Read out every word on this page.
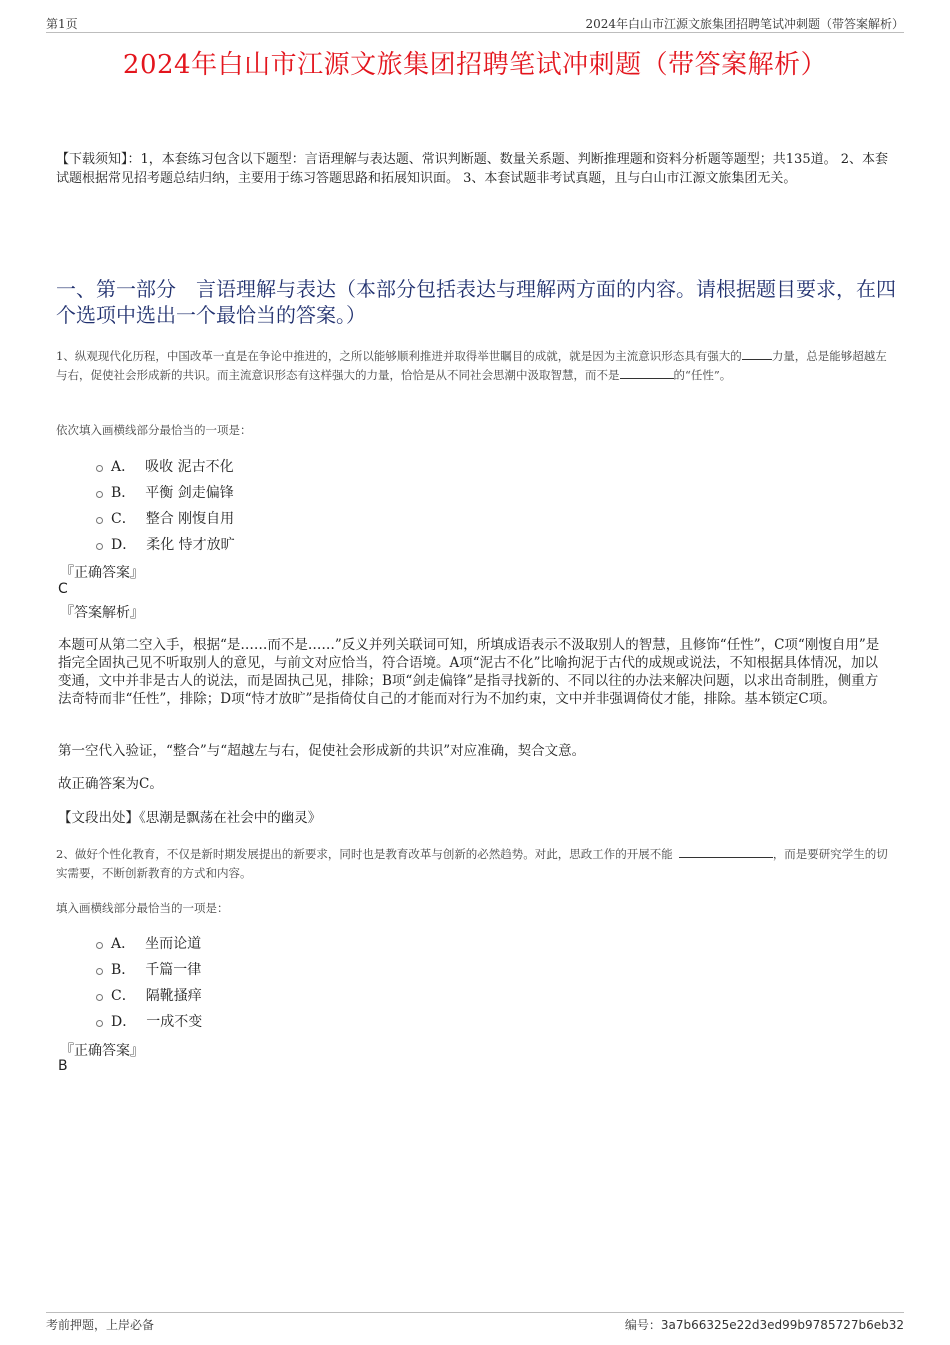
第1页	2024年白山市江源文旅集团招聘笔试冲刺题（带答案解析）
2024年白山市江源文旅集团招聘笔试冲刺题（带答案解析）
【下载须知】：1，本套练习包含以下题型：言语理解与表达题、常识判断题、数量关系题、判断推理题和资料分析题等题型；共135道。 2、本套试题根据常见招考题总结归纳，主要用于练习答题思路和拓展知识面。 3、本套试题非考试真题，且与白山市江源文旅集团无关。
一、第一部分　言语理解与表达（本部分包括表达与理解两方面的内容。请根据题目要求，在四个选项中选出一个最恰当的答案。）
1、纵观现代化历程，中国改革一直是在争论中推进的，之所以能够顺利推进并取得举世瞩目的成就，就是因为主流意识形态具有强大的	力量，总是能够超越左与右，促使社会形成新的共识。而主流意识形态有这样强大的力量，恰恰是从不同社会思潮中汲取智慧，而不是	的“任性”。
依次填入画横线部分最恰当的一项是：
A． 吸收 泥古不化
B． 平衡 剑走偏锋
C． 整合 刚愎自用
D． 柔化 恃才放旷
『正确答案』
C
『答案解析』
本题可从第二空入手，根据“是……而不是……”反义并列关联词可知，所填成语表示不汲取别人的智慧，且修饰“任性”，C项“刚愎自用”是指完全固执己见不听取别人的意见，与前文对应恰当，符合语境。A项“泥古不化”比喻拘泥于古代的成规或说法，不知根据具体情况，加以变通，文中并非是古人的说法，而是固执己见，排除；B项“剑走偏锋”是指寻找新的、不同以往的办法来解决问题，以求出奇制胜，侧重方法奇特而非“任性”，排除；D项“恃才放旷”是指倚仗自己的才能而对行为不加约束，文中并非强调倚仗才能，排除。基本锁定C项。
第一空代入验证，“整合”与“超越左与右，促使社会形成新的共识”对应准确，契合文意。
故正确答案为C。
【文段出处】《思潮是飘荡在社会中的幽灵》
2、做好个性化教育，不仅是新时期发展提出的新要求，同时也是教育改革与创新的必然趋势。对此，思政工作的开展不能	，而是要研究学生的切实需要，不断创新教育的方式和内容。
填入画横线部分最恰当的一项是：
A． 坐而论道
B． 千篇一律
C． 隔靴搔痒
D． 一成不变
『正确答案』
B
考前押题，上岸必备	编号：3a7b66325e22d3ed99b9785727b6eb32
